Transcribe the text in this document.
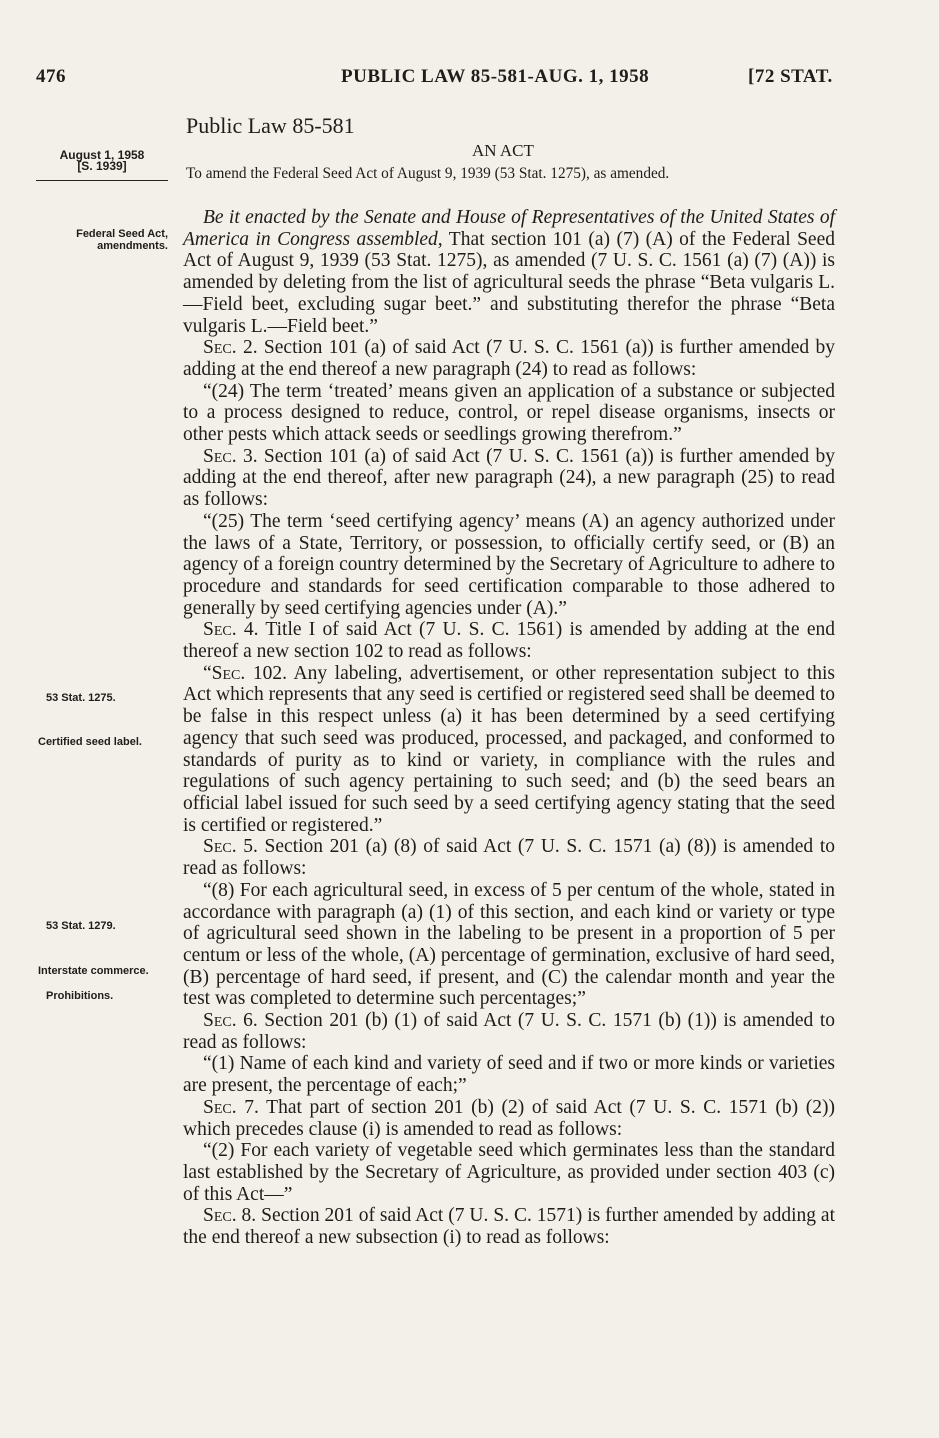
476	PUBLIC LAW 85-581-AUG. 1, 1958	[72 STAT.
Public Law 85-581
AN ACT
August 1, 1958
[S. 1939]	To amend the Federal Seed Act of August 9, 1939 (53 Stat. 1275), as amended.
Federal Seed Act, amendments.
53 Stat. 1275.
Certified seed label.
53 Stat. 1279.
Interstate commerce.
Prohibitions.

Be it enacted by the Senate and House of Representatives of the United States of America in Congress assembled, That section 101 (a) (7) (A) of the Federal Seed Act of August 9, 1939 (53 Stat. 1275), as amended (7 U. S. C. 1561 (a) (7) (A)) is amended by deleting from the list of agricultural seeds the phrase “Beta vulgaris L.—Field beet, excluding sugar beet.” and substituting therefor the phrase “Beta vulgaris L.—Field beet.”

Sec. 2. Section 101 (a) of said Act (7 U. S. C. 1561 (a)) is further amended by adding at the end thereof a new paragraph (24) to read as follows:

“(24) The term ‘treated’ means given an application of a substance or subjected to a process designed to reduce, control, or repel disease organisms, insects or other pests which attack seeds or seedlings growing therefrom.”

Sec. 3. Section 101 (a) of said Act (7 U. S. C. 1561 (a)) is further amended by adding at the end thereof, after new paragraph (24), a new paragraph (25) to read as follows:

“(25) The term ‘seed certifying agency’ means (A) an agency authorized under the laws of a State, Territory, or possession, to officially certify seed, or (B) an agency of a foreign country determined by the Secretary of Agriculture to adhere to procedure and standards for seed certification comparable to those adhered to generally by seed certifying agencies under (A).”

Sec. 4. Title I of said Act (7 U. S. C. 1561) is amended by adding at the end thereof a new section 102 to read as follows:

“Sec. 102. Any labeling, advertisement, or other representation subject to this Act which represents that any seed is certified or registered seed shall be deemed to be false in this respect unless (a) it has been determined by a seed certifying agency that such seed was produced, processed, and packaged, and conformed to standards of purity as to kind or variety, in compliance with the rules and regulations of such agency pertaining to such seed; and (b) the seed bears an official label issued for such seed by a seed certifying agency stating that the seed is certified or registered.”

Sec. 5. Section 201 (a) (8) of said Act (7 U. S. C. 1571 (a) (8)) is amended to read as follows:

“(8) For each agricultural seed, in excess of 5 per centum of the whole, stated in accordance with paragraph (a) (1) of this section, and each kind or variety or type of agricultural seed shown in the labeling to be present in a proportion of 5 per centum or less of the whole, (A) percentage of germination, exclusive of hard seed, (B) percentage of hard seed, if present, and (C) the calendar month and year the test was completed to determine such percentages;”

Sec. 6. Section 201 (b) (1) of said Act (7 U. S. C. 1571 (b) (1)) is amended to read as follows:

“(1) Name of each kind and variety of seed and if two or more kinds or varieties are present, the percentage of each;”

Sec. 7. That part of section 201 (b) (2) of said Act (7 U. S. C. 1571 (b) (2)) which precedes clause (i) is amended to read as follows:

“(2) For each variety of vegetable seed which germinates less than the standard last established by the Secretary of Agriculture, as provided under section 403 (c) of this Act—”

Sec. 8. Section 201 of said Act (7 U. S. C. 1571) is further amended by adding at the end thereof a new subsection (i) to read as follows:
